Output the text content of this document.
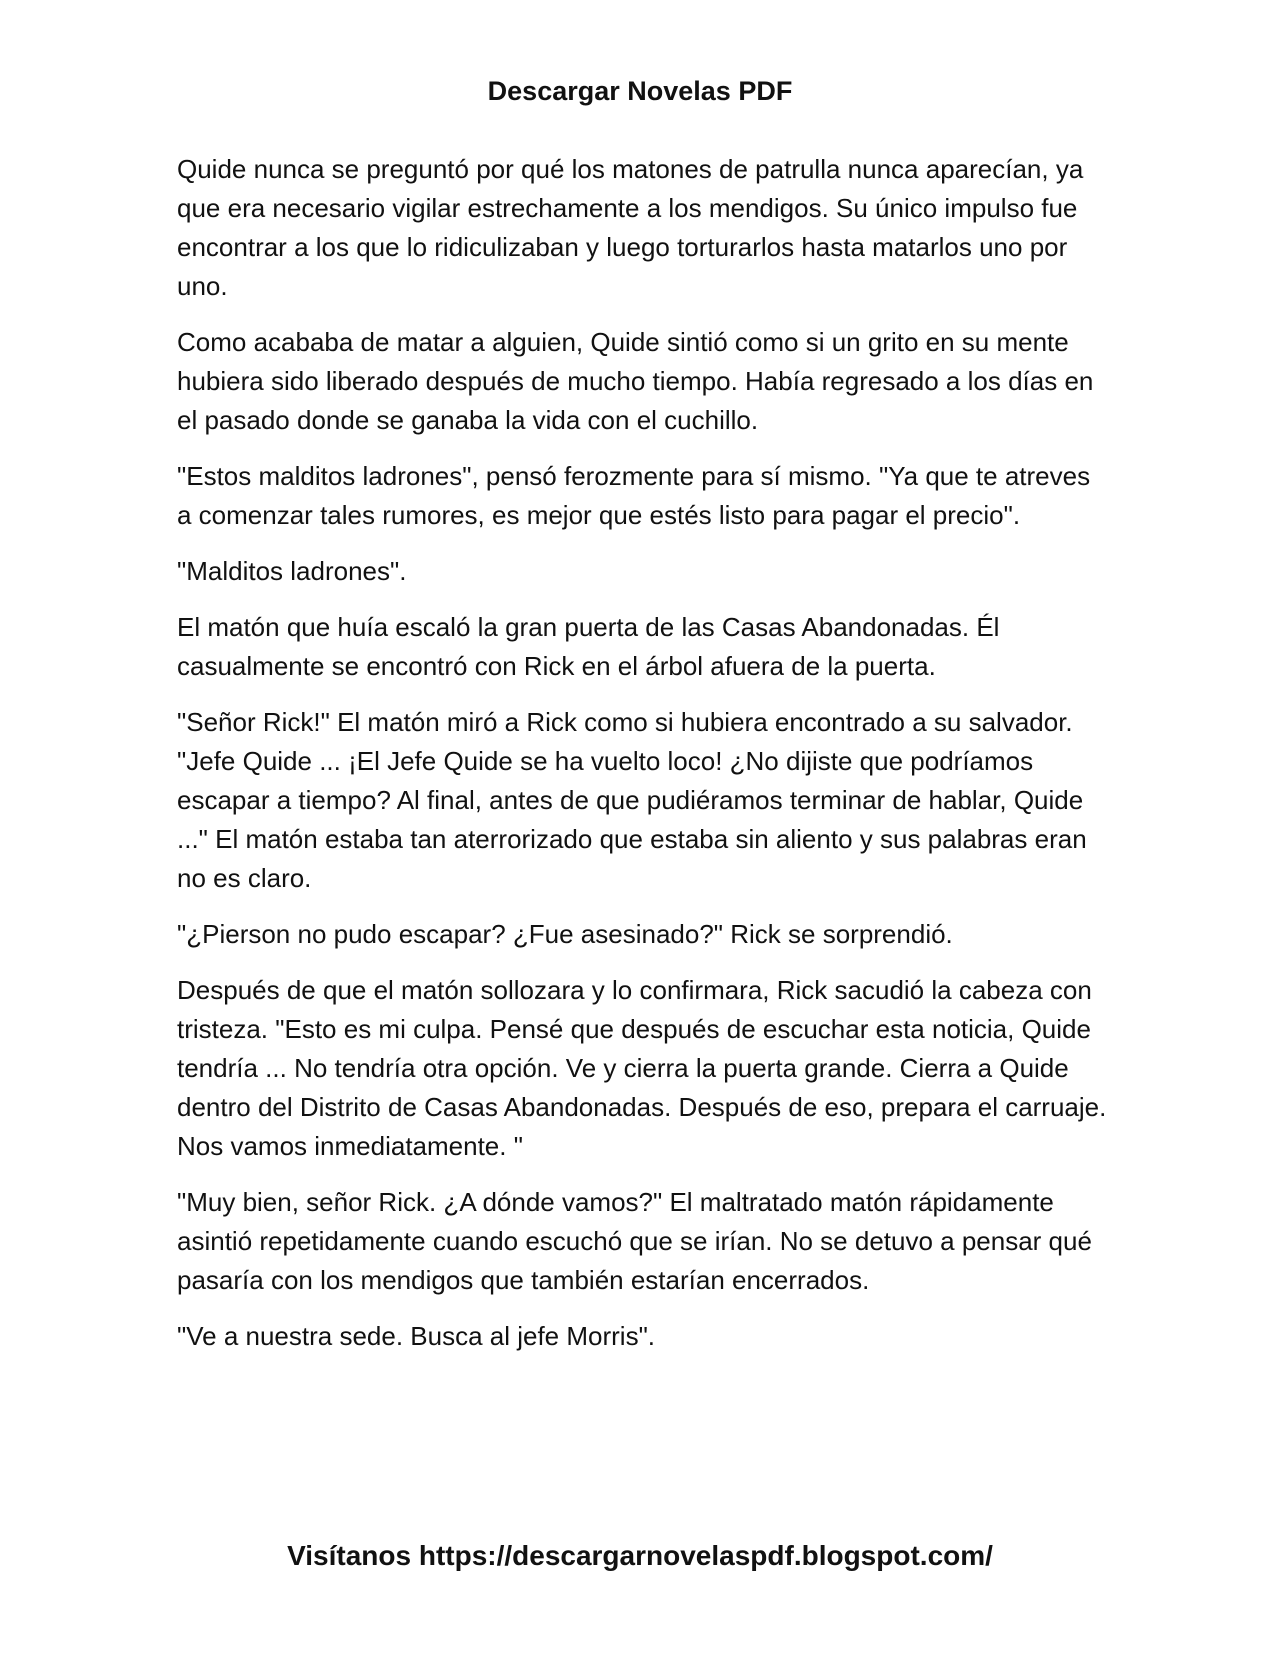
Descargar Novelas PDF

Quide nunca se preguntó por qué los matones de patrulla nunca aparecían, ya que era necesario vigilar estrechamente a los mendigos. Su único impulso fue encontrar a los que lo ridiculizaban y luego torturarlos hasta matarlos uno por uno.

Como acababa de matar a alguien, Quide sintió como si un grito en su mente hubiera sido liberado después de mucho tiempo. Había regresado a los días en el pasado donde se ganaba la vida con el cuchillo.

"Estos malditos ladrones", pensó ferozmente para sí mismo. "Ya que te atreves a comenzar tales rumores, es mejor que estés listo para pagar el precio".

"Malditos ladrones".

El matón que huía escaló la gran puerta de las Casas Abandonadas. Él casualmente se encontró con Rick en el árbol afuera de la puerta.

"Señor Rick!" El matón miró a Rick como si hubiera encontrado a su salvador. "Jefe Quide ... ¡El Jefe Quide se ha vuelto loco! ¿No dijiste que podríamos escapar a tiempo? Al final, antes de que pudiéramos terminar de hablar, Quide ..." El matón estaba tan aterrorizado que estaba sin aliento y sus palabras eran no es claro.

"¿Pierson no pudo escapar? ¿Fue asesinado?" Rick se sorprendió.

Después de que el matón sollozara y lo confirmara, Rick sacudió la cabeza con tristeza. "Esto es mi culpa. Pensé que después de escuchar esta noticia, Quide tendría ... No tendría otra opción. Ve y cierra la puerta grande. Cierra a Quide dentro del Distrito de Casas Abandonadas. Después de eso, prepara el carruaje. Nos vamos inmediatamente. "

"Muy bien, señor Rick. ¿A dónde vamos?" El maltratado matón rápidamente asintió repetidamente cuando escuchó que se irían. No se detuvo a pensar qué pasaría con los mendigos que también estarían encerrados.

"Ve a nuestra sede. Busca al jefe Morris".

Visítanos https://descargarnovelaspdf.blogspot.com/
